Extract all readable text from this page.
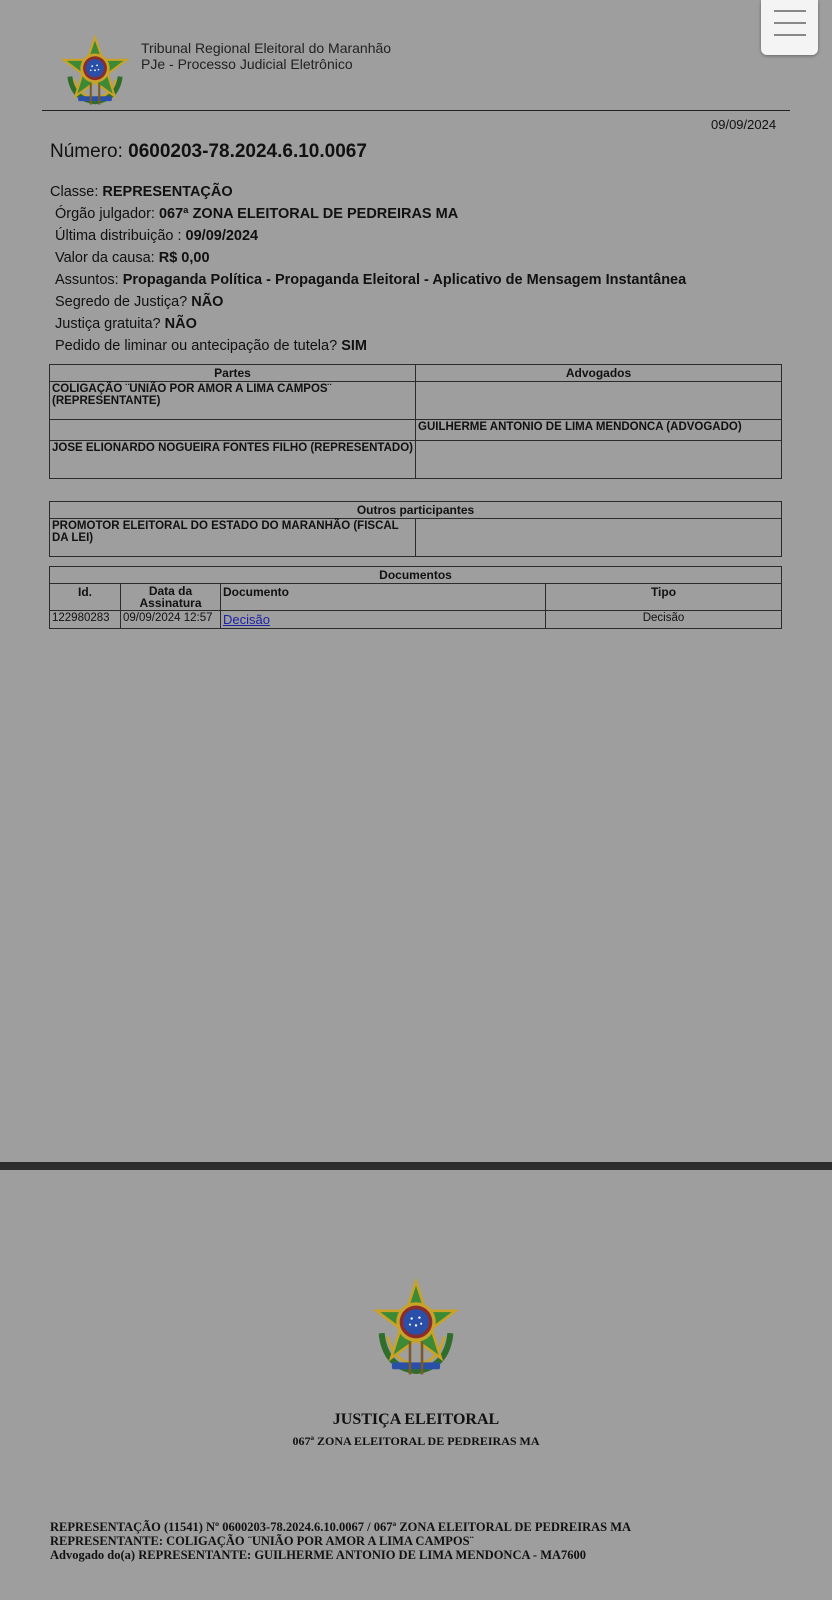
Tribunal Regional Eleitoral do Maranhão
PJe - Processo Judicial Eletrônico
09/09/2024
Número: 0600203-78.2024.6.10.0067
Classe: REPRESENTAÇÃO
Órgão julgador: 067ª ZONA ELEITORAL DE PEDREIRAS MA
Última distribuição : 09/09/2024
Valor da causa: R$ 0,00
Assuntos: Propaganda Política - Propaganda Eleitoral - Aplicativo de Mensagem Instantânea
Segredo de Justiça? NÃO
Justiça gratuita? NÃO
Pedido de liminar ou antecipação de tutela? SIM
Partes	Advogados
COLIGAÇÃO ¨UNIÃO POR AMOR A LIMA CAMPOS¨ (REPRESENTANTE)	
	GUILHERME ANTONIO DE LIMA MENDONCA (ADVOGADO)
JOSE ELIONARDO NOGUEIRA FONTES FILHO (REPRESENTADO)	
Outros participantes
PROMOTOR ELEITORAL DO ESTADO DO MARANHÃO (FISCAL DA LEI)	
Documentos			
Id.	Data da Assinatura	Documento	Tipo
122980283	09/09/2024 12:57	Decisão	Decisão
JUSTIÇA ELEITORAL
067ª ZONA ELEITORAL DE PEDREIRAS MA
REPRESENTAÇÃO (11541) Nº 0600203-78.2024.6.10.0067 / 067ª ZONA ELEITORAL DE PEDREIRAS MA
REPRESENTANTE: COLIGAÇÃO ¨UNIÃO POR AMOR A LIMA CAMPOS¨
Advogado do(a) REPRESENTANTE: GUILHERME ANTONIO DE LIMA MENDONCA - MA7600
